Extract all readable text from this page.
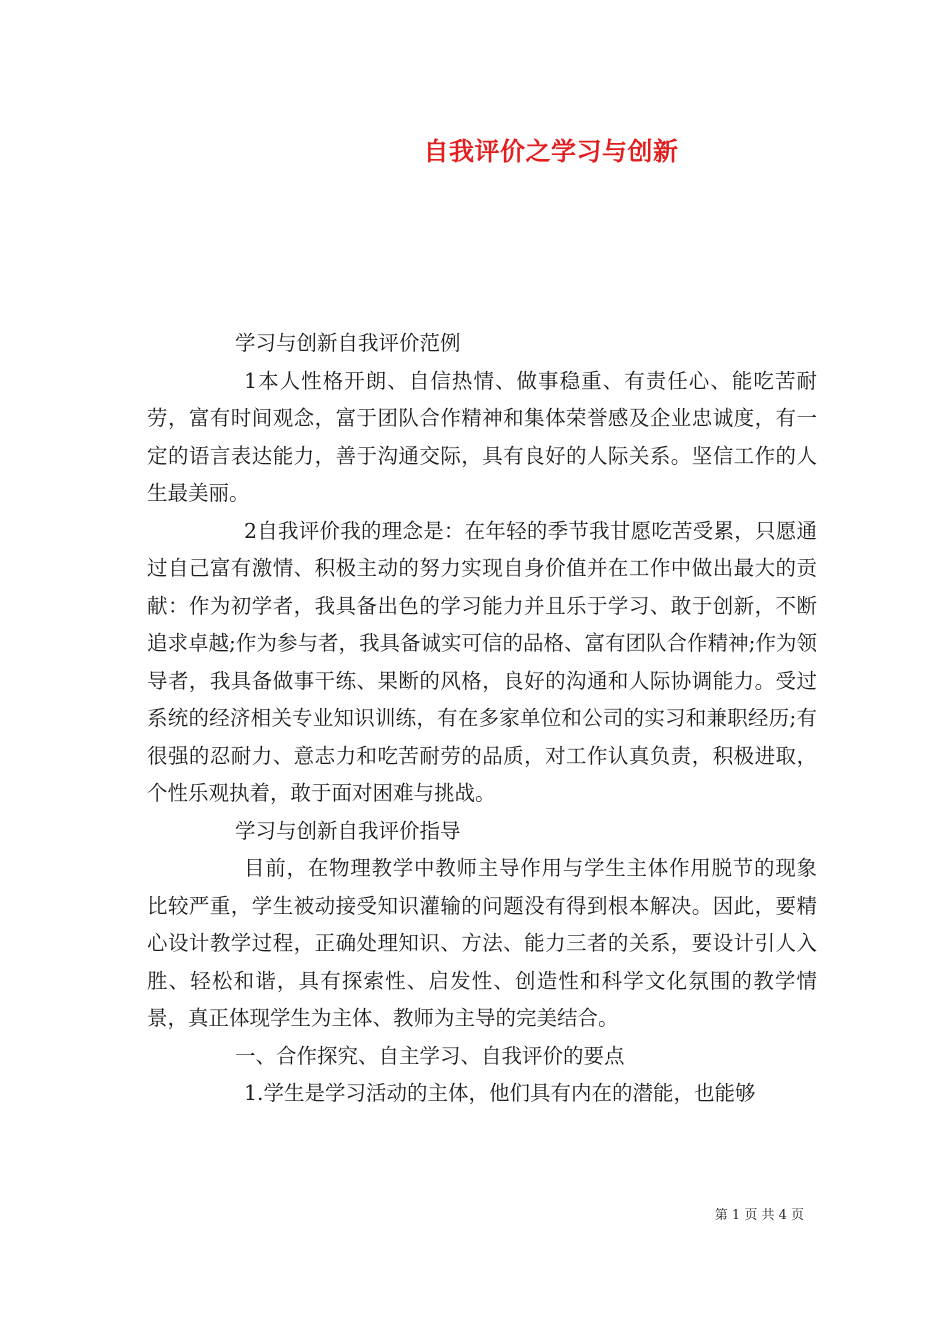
自我评价之学习与创新

学习与创新自我评价范例

1本人性格开朗、自信热情、做事稳重、有责任心、能吃苦耐劳，富有时间观念，富于团队合作精神和集体荣誉感及企业忠诚度，有一定的语言表达能力，善于沟通交际，具有良好的人际关系。坚信工作的人生最美丽。

2自我评价我的理念是：在年轻的季节我甘愿吃苦受累，只愿通过自己富有激情、积极主动的努力实现自身价值并在工作中做出最大的贡献：作为初学者，我具备出色的学习能力并且乐于学习、敢于创新，不断追求卓越;作为参与者，我具备诚实可信的品格、富有团队合作精神;作为领导者，我具备做事干练、果断的风格，良好的沟通和人际协调能力。受过系统的经济相关专业知识训练，有在多家单位和公司的实习和兼职经历;有很强的忍耐力、意志力和吃苦耐劳的品质，对工作认真负责，积极进取，个性乐观执着，敢于面对困难与挑战。

学习与创新自我评价指导

目前，在物理教学中教师主导作用与学生主体作用脱节的现象比较严重，学生被动接受知识灌输的问题没有得到根本解决。因此，要精心设计教学过程，正确处理知识、方法、能力三者的关系，要设计引人入胜、轻松和谐，具有探索性、启发性、创造性和科学文化氛围的教学情景，真正体现学生为主体、教师为主导的完美结合。

一、合作探究、自主学习、自我评价的要点

1.学生是学习活动的主体，他们具有内在的潜能，也能够

第 1 页 共 4 页
